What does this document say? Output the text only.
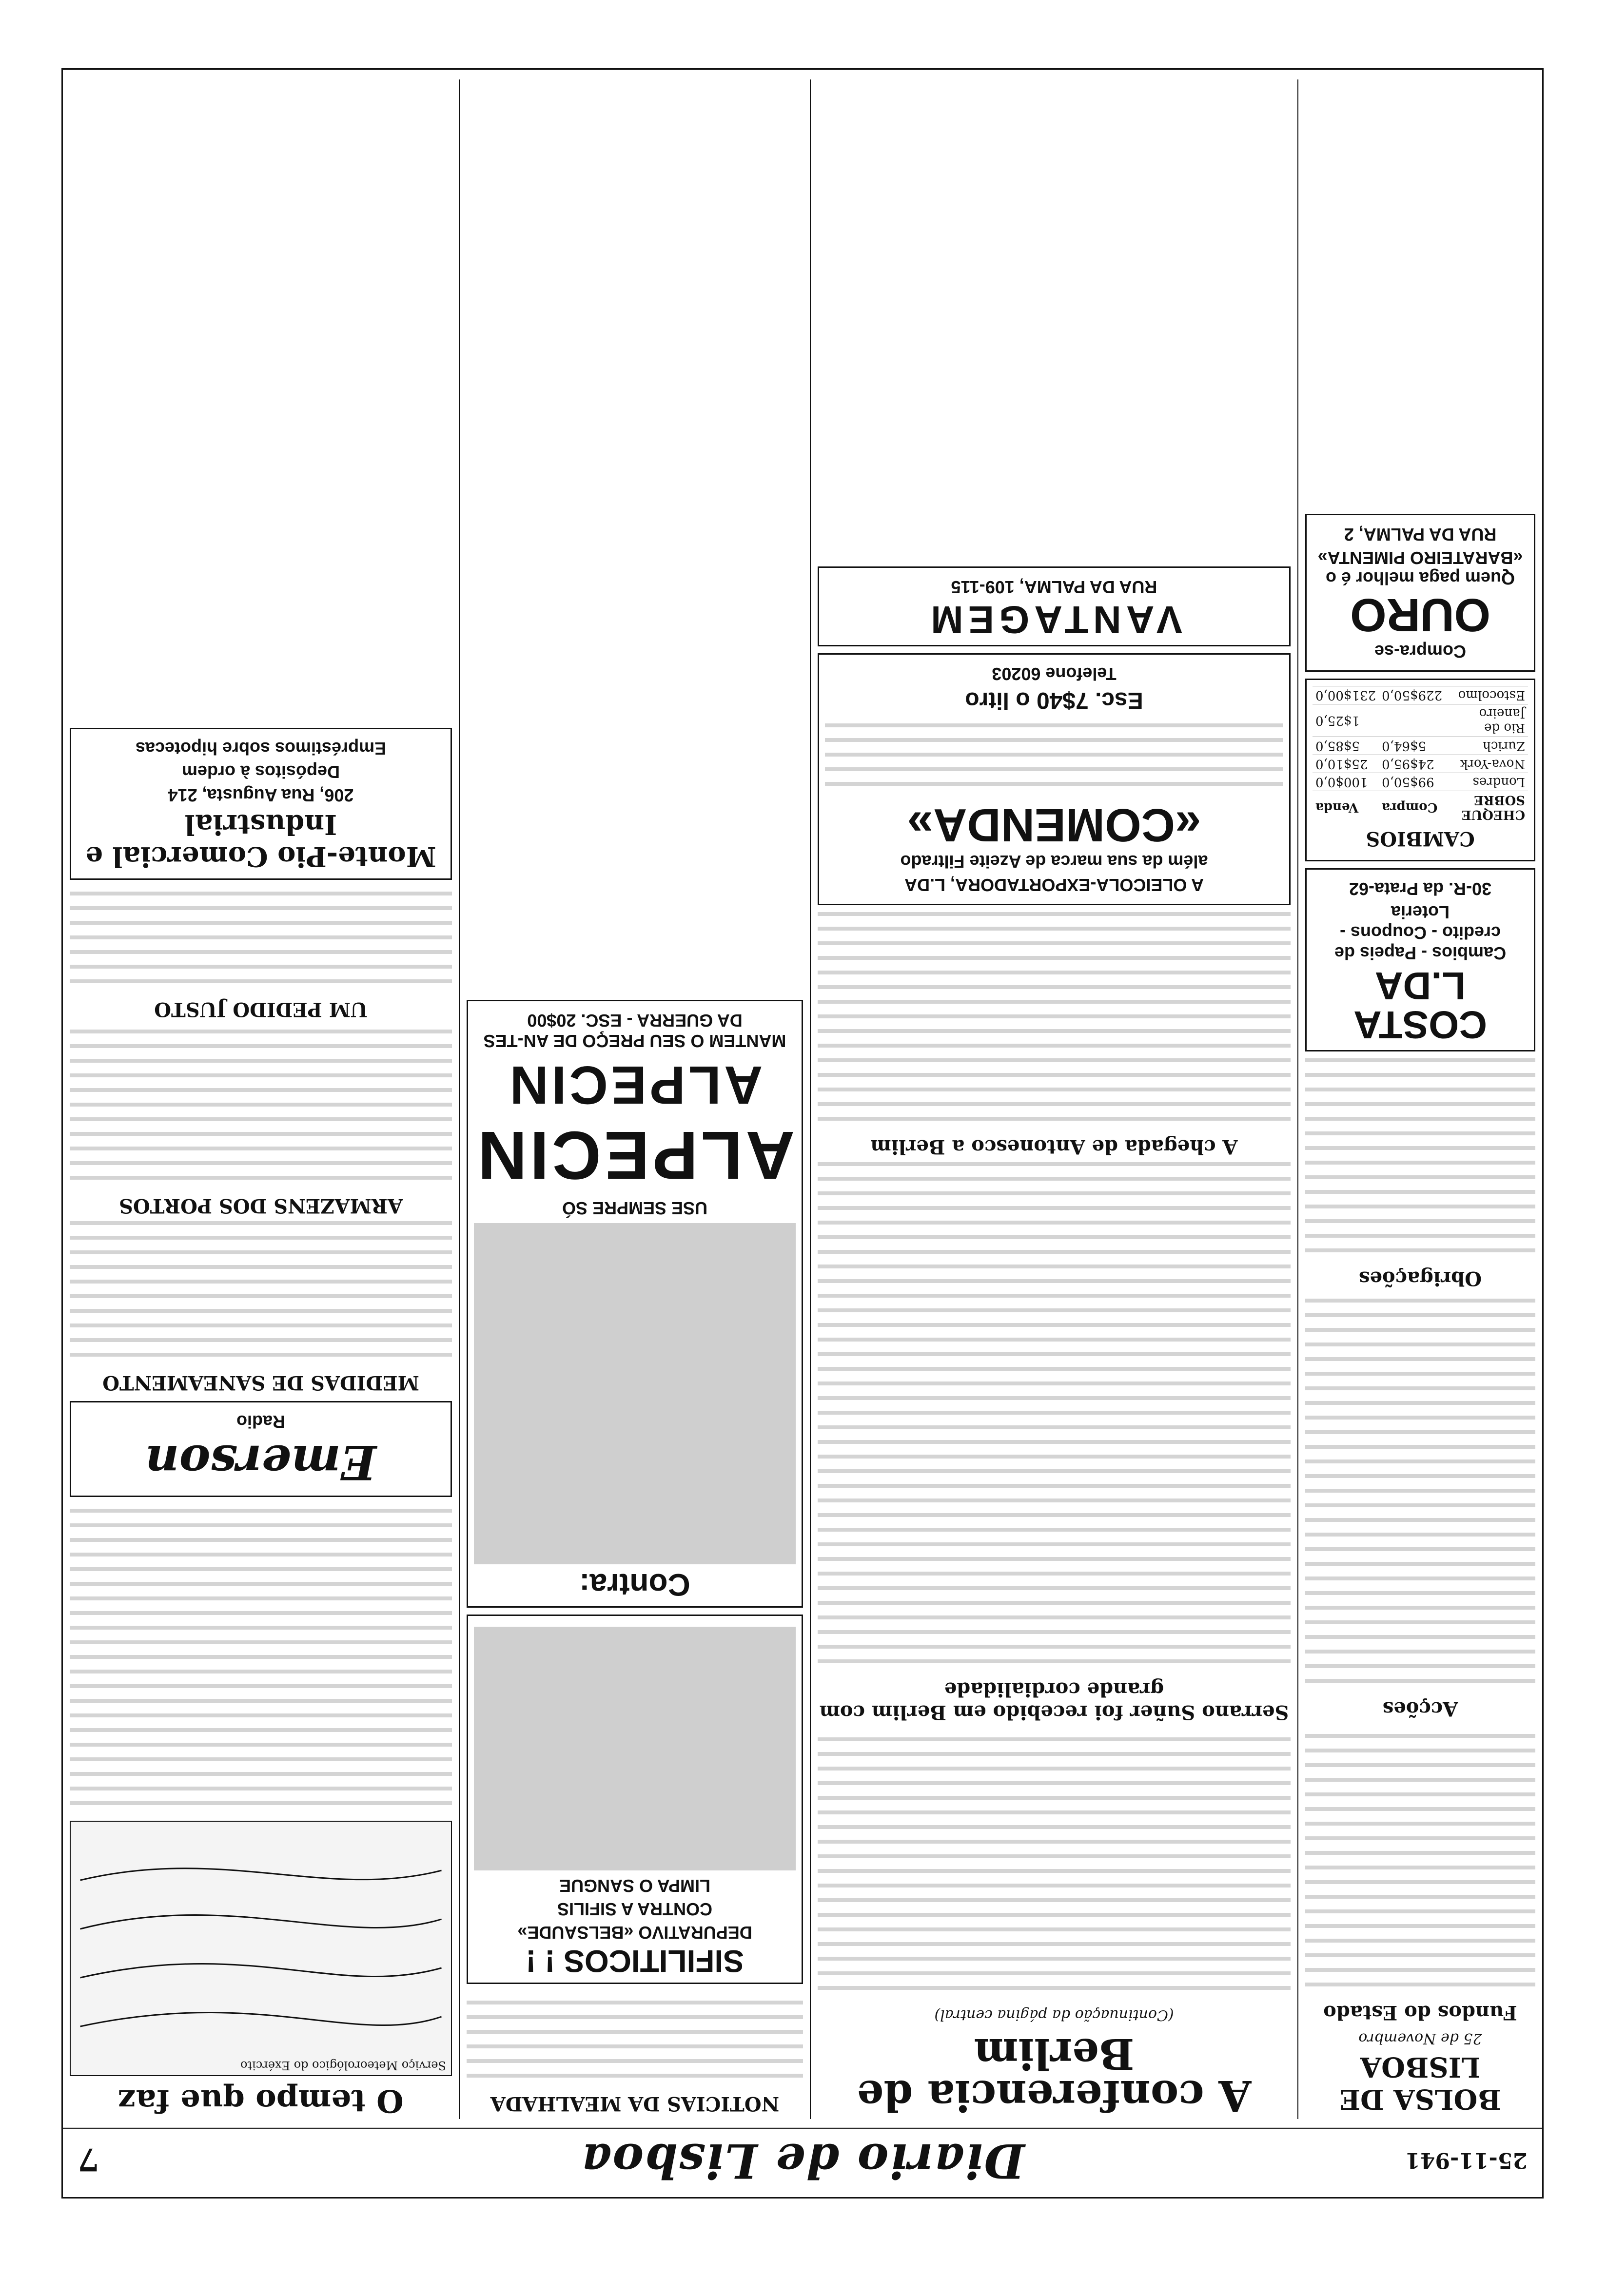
25-11-941
Diario de Lisboa
7
BOLSA DE LISBOA
25 de Novembro
Fundos do Estado
Acções
Obrigações
COSTA L.DA
Cambios - Papeis de credito - Coupons - Loteria
30-R. da Prata-62
CAMBIOS
CHEQUE SOBRE	Compra	Venda
Londres	99$50,0	100$0,0
Nova-York	24$95,0	25$10,0
Zurich	5$64,0	5$85,0
Rio de Janeiro		1$25,0
Estocolmo	229$50,0	231$00,0
Compra-se
OURO
Quem paga melhor é o «BARATEIRO PIMENTA»
RUA DA PALMA, 2
A conferencia de Berlim
(Continuação da página central)
Serrano Suñer foi recebido em Berlim com grande cordialidade
A chegada de Antonesco a Berlim
A OLEICOLA-EXPORTADORA, L.DA
além da sua marca de Azeite Filtrado
«COMENDA»
Esc. 7$40 o litro
Telefone 60203
VANTAGEM
RUA DA PALMA, 109-115
NOTICIAS DA MEALHADA
SIFILITICOS ! !
DEPURATIVO «BELSAUDE»
CONTRA A SIFILIS
LIMPA O SANGUE
Contra:
USE SEMPRE SÓ
ALPECIN
ALPECIN
MANTEM O SEU PREÇO DE AN-TES DA GUERRA - ESC. 20$00
O tempo que faz
Serviço Meteorológico do Exército
Emerson
Radio
MEDIDAS DE SANEAMENTO
ARMAZENS DOS PORTOS
UM PEDIDO JUSTO
Monte-Pio Comercial e Industrial
206, Rua Augusta, 214
Depósitos à ordem
Empréstimos sobre hipotecas
